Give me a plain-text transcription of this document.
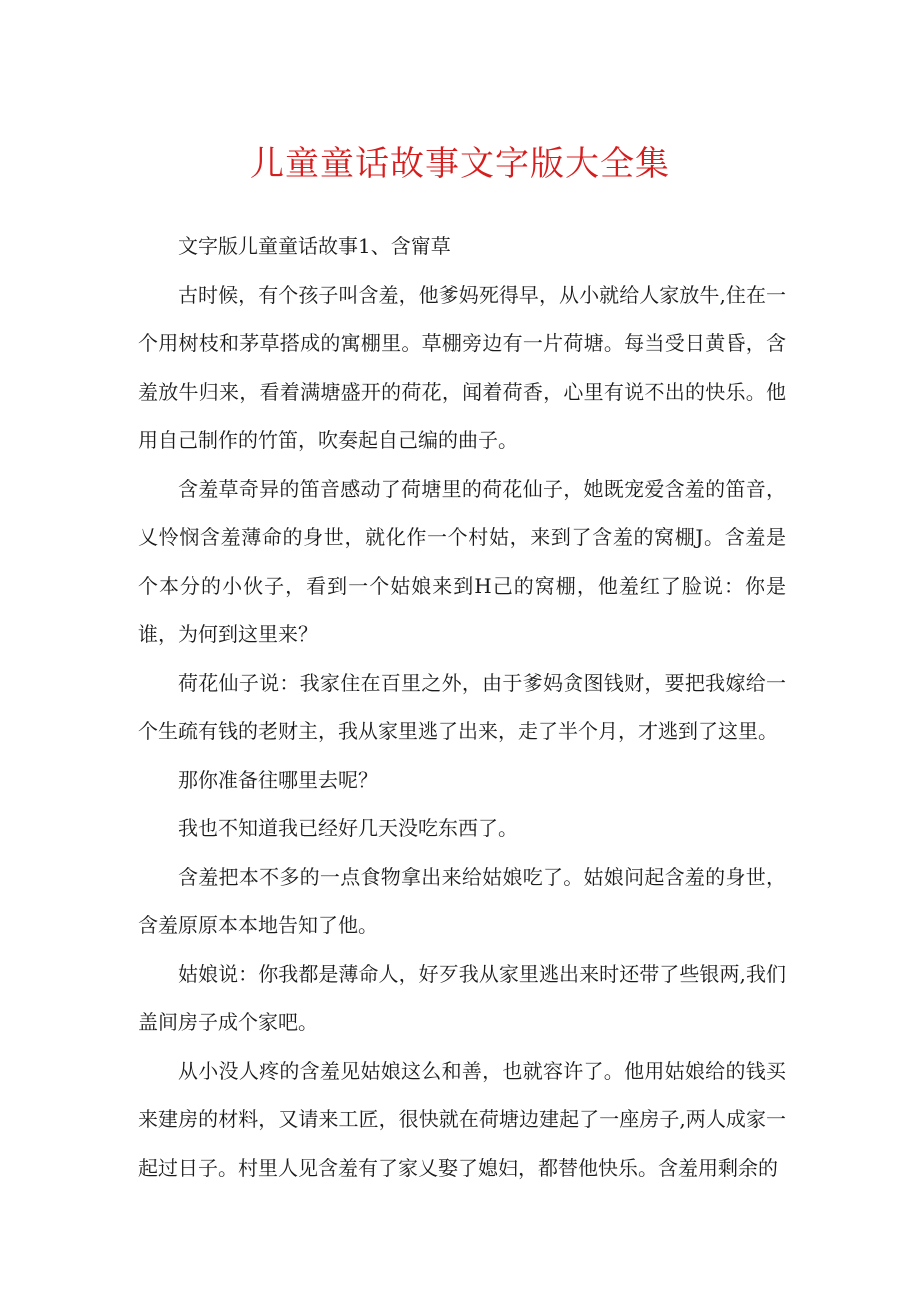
儿童童话故事文字版大全集

文字版儿童童话故事1、含甯草

古时候，有个孩子叫含羞，他爹妈死得早，从小就给人家放牛,住在一个用树枝和茅草搭成的寓棚里。草棚旁边有一片荷塘。每当受日黄昏，含羞放牛归来，看着满塘盛开的荷花，闻着荷香，心里有说不出的快乐。他用自己制作的竹笛，吹奏起自己编的曲子。

含羞草奇异的笛音感动了荷塘里的荷花仙子，她既宠爱含羞的笛音，乂怜悯含羞薄命的身世，就化作一个村姑，来到了含羞的窝棚J。含羞是个本分的小伙子，看到一个姑娘来到H己的窝棚，他羞红了脸说：你是谁，为何到这里来？

荷花仙子说：我家住在百里之外，由于爹妈贪图钱财，要把我嫁给一个生疏有钱的老财主，我从家里逃了出来，走了半个月，才逃到了这里。

那你准备往哪里去呢？

我也不知道我已经好几天没吃东西了。

含羞把本不多的一点食物拿出来给姑娘吃了。姑娘问起含羞的身世，含羞原原本本地告知了他。

姑娘说：你我都是薄命人，好歹我从家里逃出来时还带了些银两,我们盖间房子成个家吧。

从小没人疼的含羞见姑娘这么和善，也就容许了。他用姑娘给的钱买来建房的材料，又请来工匠，很快就在荷塘边建起了一座房子,两人成家一起过日子。村里人见含羞有了家乂娶了媳妇，都替他快乐。含羞用剩余的
